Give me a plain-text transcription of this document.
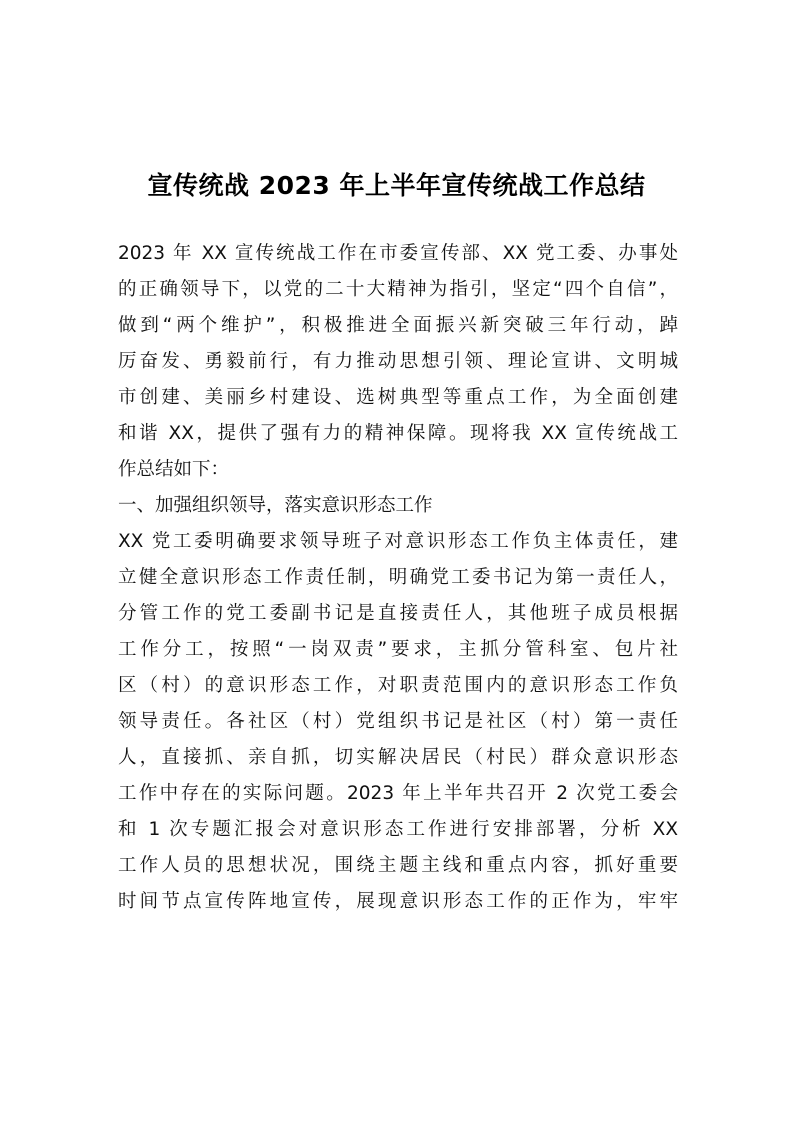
宣传统战 2023 年上半年宣传统战工作总结
2023 年 XX 宣传统战工作在市委宣传部、XX 党工委、办事处
的正确领导下，以党的二十大精神为指引，坚定“四个自信”，
做到“两个维护”，积极推进全面振兴新突破三年行动，踔
厉奋发、勇毅前行，有力推动思想引领、理论宣讲、文明城
市创建、美丽乡村建设、选树典型等重点工作，为全面创建
和谐 XX，提供了强有力的精神保障。现将我 XX 宣传统战工
作总结如下：
一、加强组织领导，落实意识形态工作
XX 党工委明确要求领导班子对意识形态工作负主体责任，建
立健全意识形态工作责任制，明确党工委书记为第一责任人，
分管工作的党工委副书记是直接责任人，其他班子成员根据
工作分工，按照“一岗双责”要求，主抓分管科室、包片社
区（村）的意识形态工作，对职责范围内的意识形态工作负
领导责任。各社区（村）党组织书记是社区（村）第一责任
人，直接抓、亲自抓，切实解决居民（村民）群众意识形态
工作中存在的实际问题。2023 年上半年共召开 2 次党工委会
和 1 次专题汇报会对意识形态工作进行安排部署，分析 XX
工作人员的思想状况，围绕主题主线和重点内容，抓好重要
时间节点宣传阵地宣传，展现意识形态工作的正作为，牢牢
